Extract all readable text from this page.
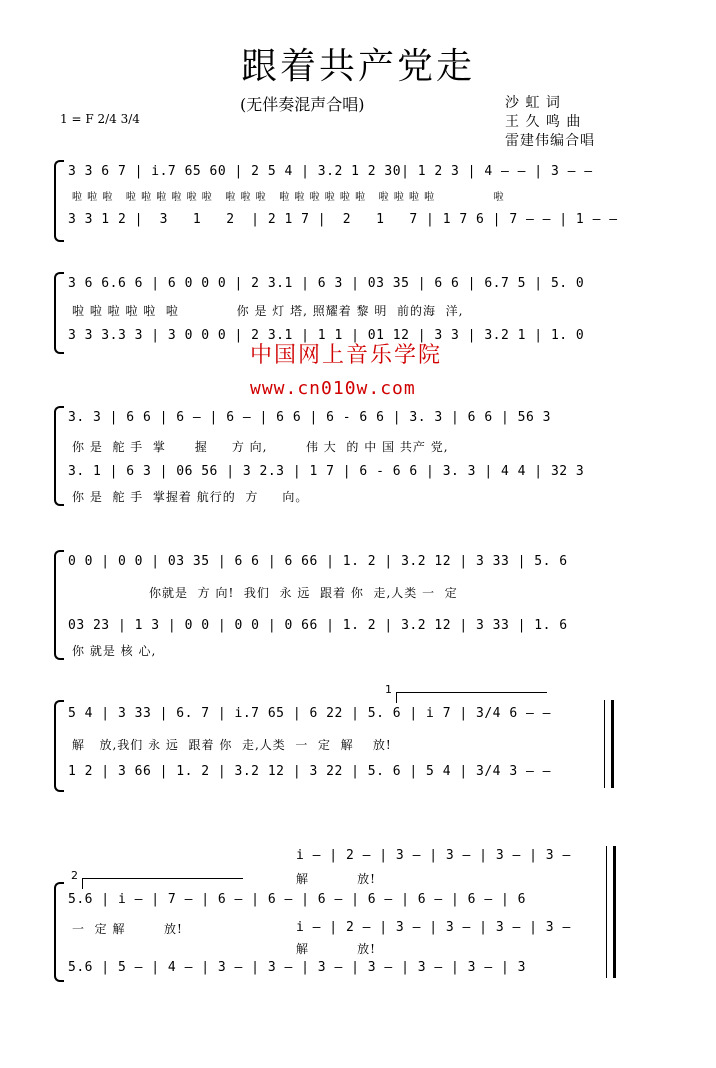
跟着共产党走
(无伴奏混声合唱)	沙 虹 词
王 久 鸣 曲
雷建伟编合唱
1 = F 2/4 3/4
3 3 6 7 | i.7 65 60 | 2 5 4 | 3.2 1 2 30| 1 2 3 | 4 — — | 3 — —
啦 啦 啦   啦 啦 啦 啦 啦 啦   啦 啦 啦   啦 啦 啦 啦 啦 啦   啦 啦 啦 啦              啦
3 3 1 2 |  3   1   2  | 2 1 7 |  2   1   7 | 1 7 6 | 7 — — | 1 — —
3 6 6.6 6 | 6 0 0 0 | 2 3.1 | 6 3 | 03 35 | 6 6 | 6.7 5 | 5. 0
啦 啦 啦 啦 啦  啦            你 是 灯 塔, 照耀着 黎 明  前的海  洋,
3 3 3.3 3 | 3 0 0 0 | 2 3.1 | 1 1 | 01 12 | 3 3 | 3.2 1 | 1. 0
中国网上音乐学院
www.cn010w.com
3. 3 | 6 6 | 6 — | 6 — | 6 6 | 6 - 6 6 | 3. 3 | 6 6 | 56 3
你 是  舵 手  掌      握     方 向,        伟 大  的 中 国 共产 党,
3. 1 | 6 3 | 06 56 | 3 2.3 | 1 7 | 6 - 6 6 | 3. 3 | 4 4 | 32 3
你 是  舵 手  掌握着 航行的  方     向。
0 0 | 0 0 | 03 35 | 6 6 | 6 66 | 1. 2 | 3.2 12 | 3 33 | 5. 6
你就是  方 向!  我们  永 远  跟着 你  走,人类 一  定
03 23 | 1 3 | 0 0 | 0 0 | 0 66 | 1. 2 | 3.2 12 | 3 33 | 1. 6
你 就是 核 心,
1
5 4 | 3 33 | 6. 7 | i.7 65 | 6 22 | 5. 6 | i 7 | 3/4 6 — —
解   放,我们 永 远  跟着 你  走,人类  一  定  解    放!
1 2 | 3 66 | 1. 2 | 3.2 12 | 3 22 | 5. 6 | 5 4 | 3/4 3 — —
2
i — | 2 — | 3 — | 3 — | 3 — | 3 —
解          放!
5.6 | i — | 7 — | 6 — | 6 — | 6 — | 6 — | 6 — | 6 — | 6
一  定 解        放!	i — | 2 — | 3 — | 3 — | 3 — | 3 —
解          放!
5.6 | 5 — | 4 — | 3 — | 3 — | 3 — | 3 — | 3 — | 3 — | 3
